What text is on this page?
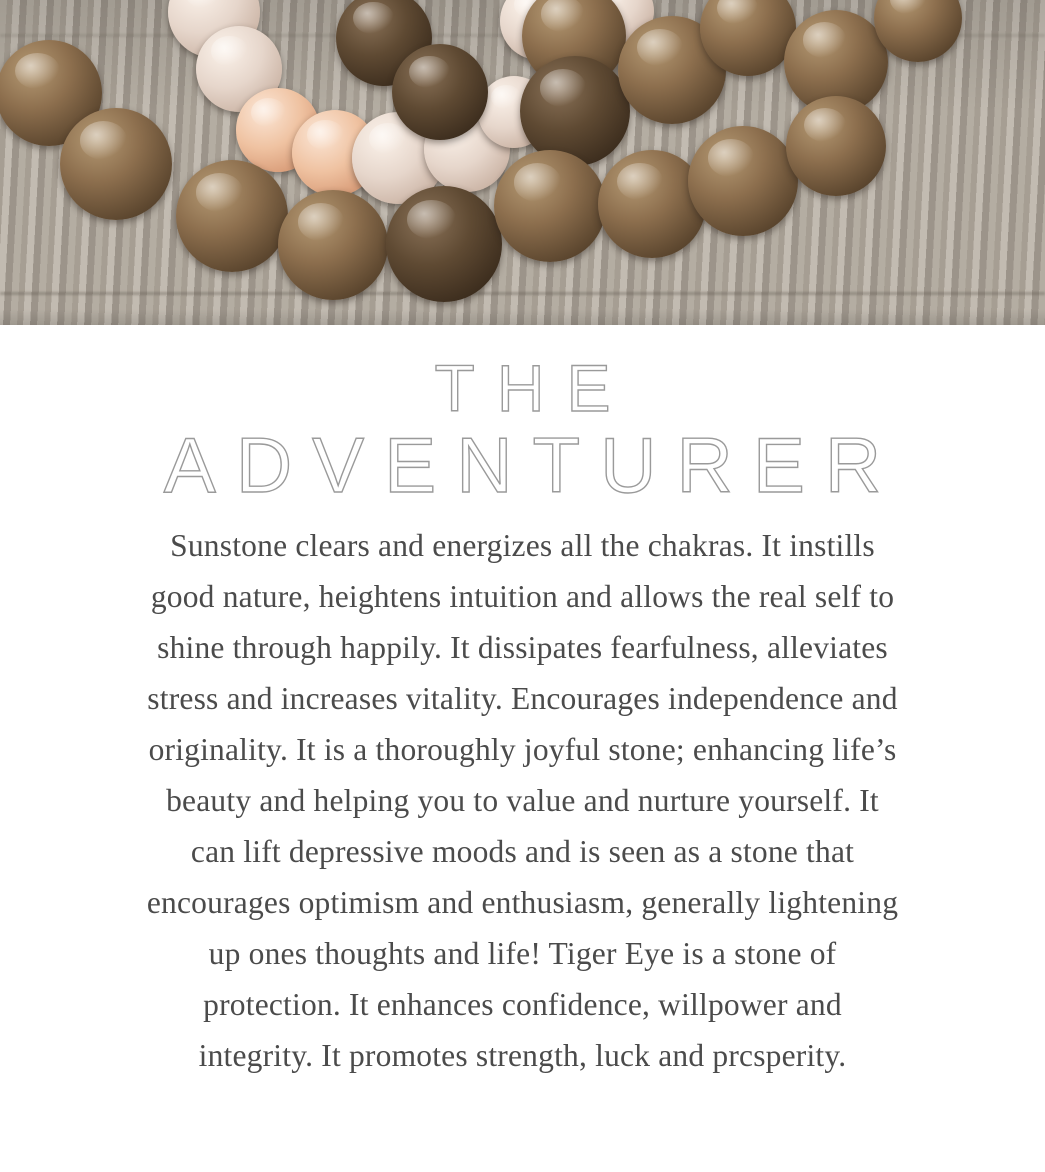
THE
ADVENTURER

Sunstone clears and energizes all the chakras. It instills good nature, heightens intuition and allows the real self to shine through happily. It dissipates fearfulness, alleviates stress and increases vitality. Encourages independence and originality. It is a thoroughly joyful stone; enhancing life’s beauty and helping you to value and nurture yourself. It can lift depressive moods and is seen as a stone that encourages optimism and enthusiasm, generally lightening up ones thoughts and life! Tiger Eye is a stone of protection. It enhances confidence, willpower and integrity. It promotes strength, luck and prcsperity.
